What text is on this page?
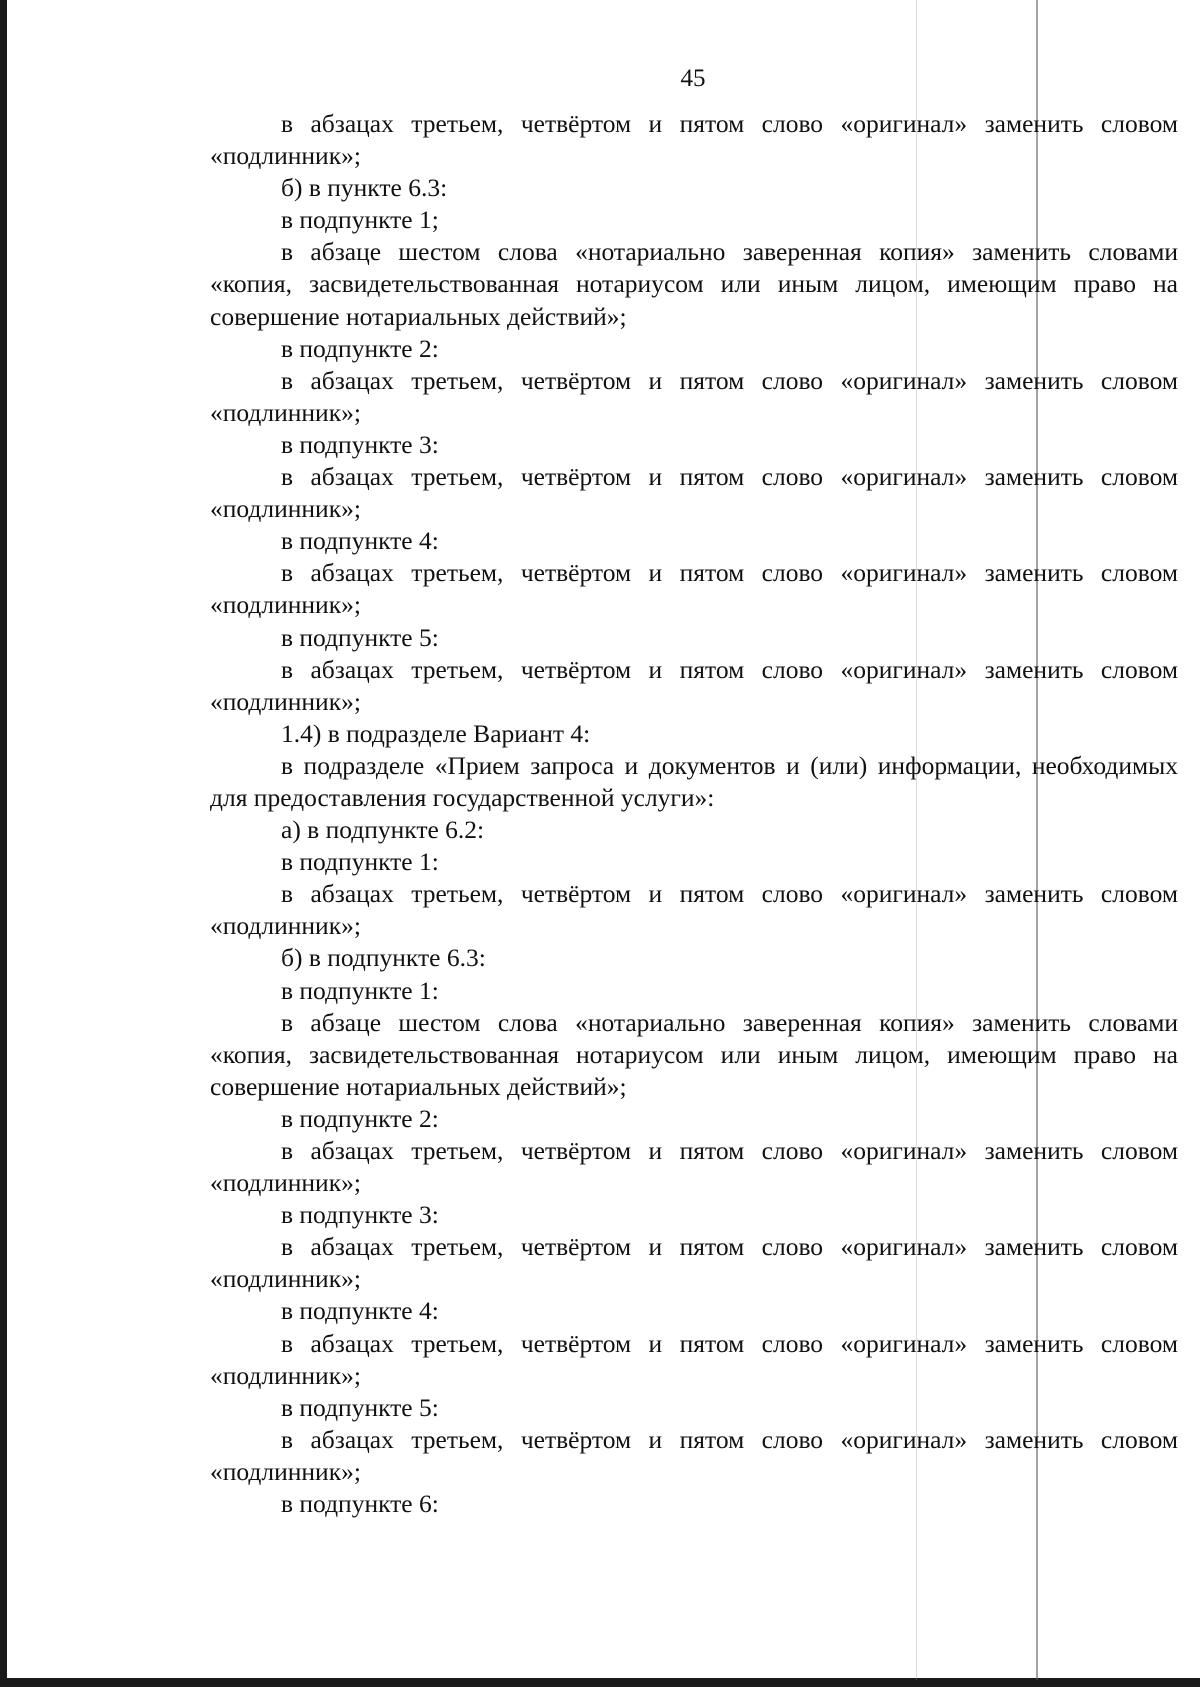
45

в абзацах третьем, четвёртом и пятом слово «оригинал» заменить словом «подлинник»;

б) в пункте 6.3:

в подпункте 1;

в абзаце шестом слова «нотариально заверенная копия» заменить словами «копия, засвидетельствованная нотариусом или иным лицом, имеющим право на совершение нотариальных действий»;

в подпункте 2:

в абзацах третьем, четвёртом и пятом слово «оригинал» заменить словом «подлинник»;

в подпункте 3:

в абзацах третьем, четвёртом и пятом слово «оригинал» заменить словом «подлинник»;

в подпункте 4:

в абзацах третьем, четвёртом и пятом слово «оригинал» заменить словом «подлинник»;

в подпункте 5:

в абзацах третьем, четвёртом и пятом слово «оригинал» заменить словом «подлинник»;

1.4) в подразделе Вариант 4:

в подразделе «Прием запроса и документов и (или) информации, необходимых для предоставления государственной услуги»:

а) в подпункте 6.2:

в подпункте 1:

в абзацах третьем, четвёртом и пятом слово «оригинал» заменить словом «подлинник»;

б) в подпункте 6.3:

в подпункте 1:

в абзаце шестом слова «нотариально заверенная копия» заменить словами «копия, засвидетельствованная нотариусом или иным лицом, имеющим право на совершение нотариальных действий»;

в подпункте 2:

в абзацах третьем, четвёртом и пятом слово «оригинал» заменить словом «подлинник»;

в подпункте 3:

в абзацах третьем, четвёртом и пятом слово «оригинал» заменить словом «подлинник»;

в подпункте 4:

в абзацах третьем, четвёртом и пятом слово «оригинал» заменить словом «подлинник»;

в подпункте 5:

в абзацах третьем, четвёртом и пятом слово «оригинал» заменить словом «подлинник»;

в подпункте 6:
